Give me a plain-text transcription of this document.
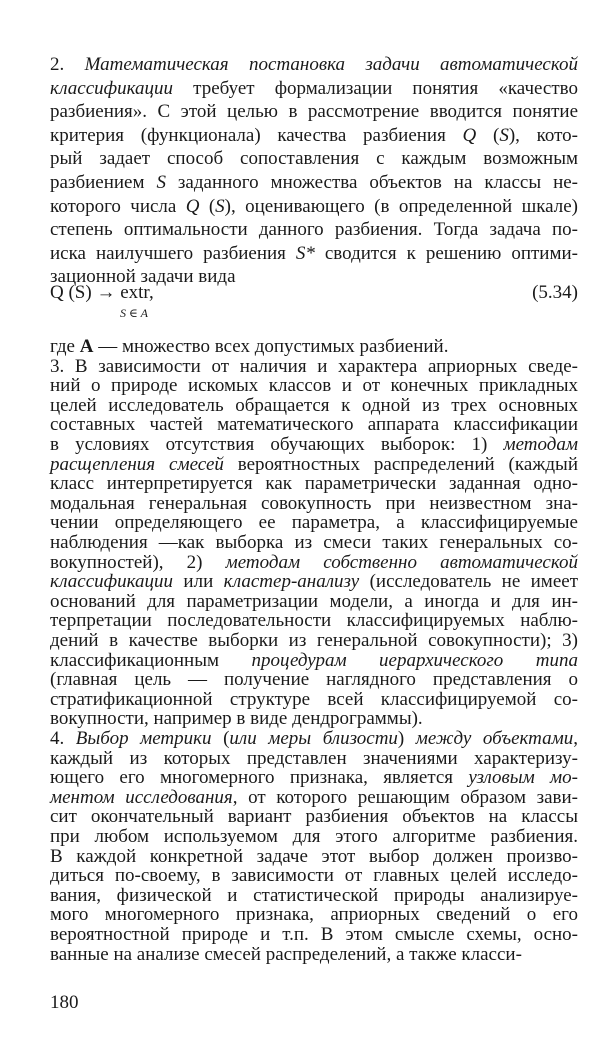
2. Математическая постановка задачи автоматической
классификации требует формализации понятия «качество
разбиения». С этой целью в рассмотрение вводится понятие
критерия (функционала) качества разбиения Q (S), кото-
рый задает способ сопоставления с каждым возможным
разбиением S заданного множества объектов на классы не-
которого числа Q (S), оценивающего (в определенной шкале)
степень оптимальности данного разбиения. Тогда задача по-
иска наилучшего разбиения S* сводится к решению оптими-
зационной задачи вида
Q (S) → extr,
S ∈ A
(5.34)
где A — множество всех допустимых разбиений.
3. В зависимости от наличия и характера априорных сведе-
ний о природе искомых классов и от конечных прикладных
целей исследователь обращается к одной из трех основных
составных частей математического аппарата классификации
в условиях отсутствия обучающих выборок: 1) методам
расщепления смесей вероятностных распределений (каждый
класс интерпретируется как параметрически заданная одно-
модальная генеральная совокупность при неизвестном зна-
чении определяющего ее параметра, а классифицируемые
наблюдения —как выборка из смеси таких генеральных со-
вокупностей), 2) методам собственно автоматической
классификации или кластер-анализу (исследователь не имеет
оснований для параметризации модели, а иногда и для ин-
терпретации последовательности классифицируемых наблю-
дений в качестве выборки из генеральной совокупности); 3)
классификационным процедурам иерархического типа
(главная цель — получение наглядного представления о
стратификационной структуре всей классифицируемой со-
вокупности, например в виде дендрограммы).
4. Выбор метрики (или меры близости) между объектами,
каждый из которых представлен значениями характеризу-
ющего его многомерного признака, является узловым мо-
ментом исследования, от которого решающим образом зави-
сит окончательный вариант разбиения объектов на классы
при любом используемом для этого алгоритме разбиения.
В каждой конкретной задаче этот выбор должен произво-
диться по-своему, в зависимости от главных целей исследо-
вания, физической и статистической природы анализируе-
мого многомерного признака, априорных сведений о его
вероятностной природе и т.п. В этом смысле схемы, осно-
ванные на анализе смесей распределений, а также класси-
180
